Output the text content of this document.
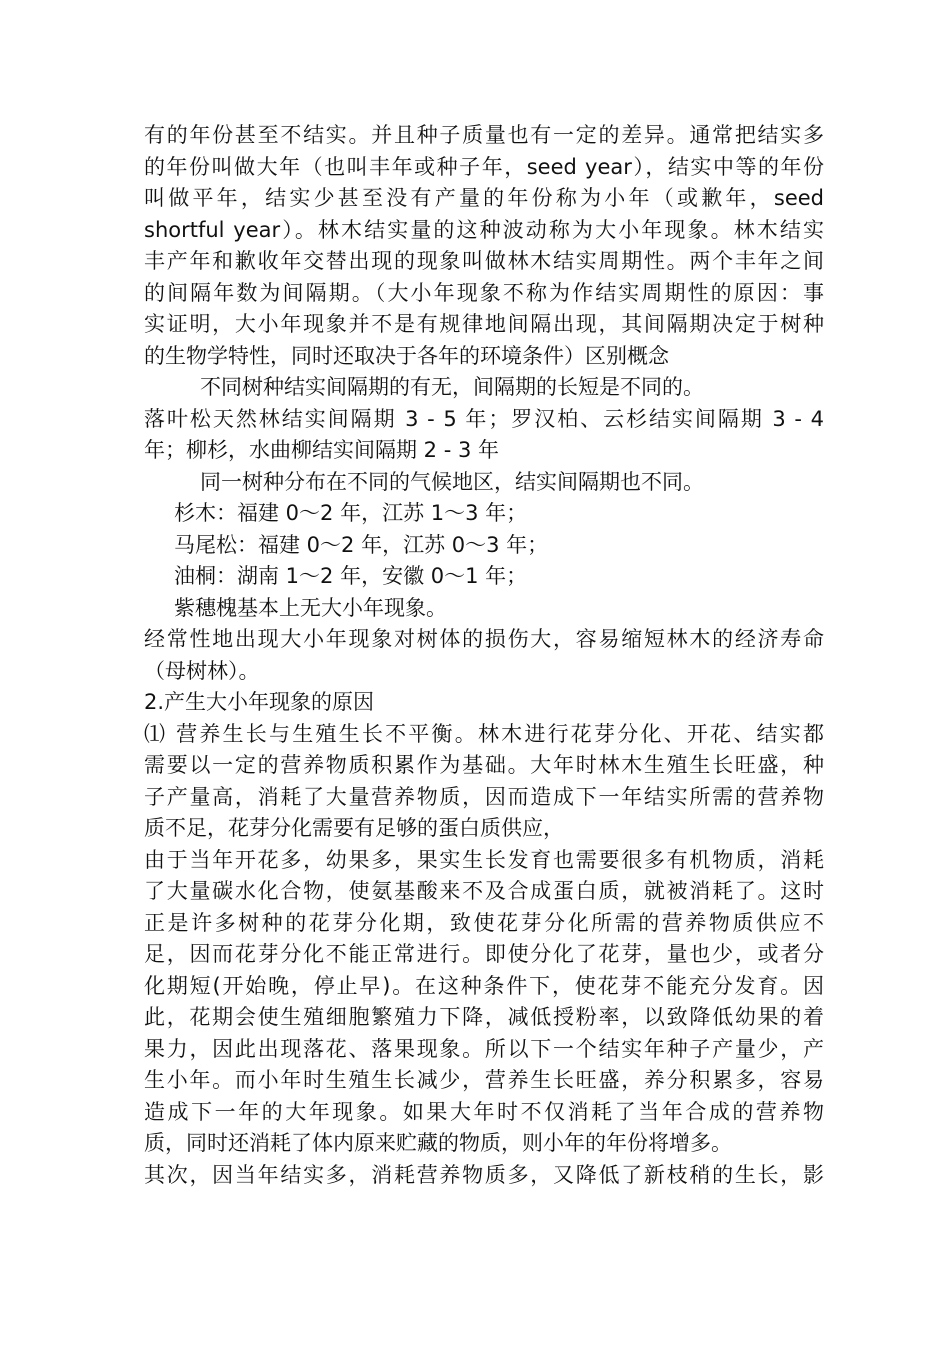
有的年份甚至不结实。并且种子质量也有一定的差异。通常把结实多
的年份叫做大年（也叫丰年或种子年，seed year），结实中等的年份
叫做平年，结实少甚至没有产量的年份称为小年（或歉年，seed
shortful year）。林木结实量的这种波动称为大小年现象。林木结实
丰产年和歉收年交替出现的现象叫做林木结实周期性。两个丰年之间
的间隔年数为间隔期。（大小年现象不称为作结实周期性的原因：事
实证明，大小年现象并不是有规律地间隔出现，其间隔期决定于树种
的生物学特性，同时还取决于各年的环境条件）区别概念
不同树种结实间隔期的有无，间隔期的长短是不同的。
落叶松天然林结实间隔期 3 - 5 年；罗汉柏、云杉结实间隔期 3 - 4
年；柳杉，水曲柳结实间隔期 2 - 3 年
同一树种分布在不同的气候地区，结实间隔期也不同。
杉木：福建 0～2 年，江苏 1～3 年；
马尾松：福建 0～2 年，江苏 0～3 年；
油桐：湖南 1～2 年，安徽 0～1 年；
紫穗槐基本上无大小年现象。
经常性地出现大小年现象对树体的损伤大，容易缩短林木的经济寿命
（母树林）。
2.产生大小年现象的原因
⑴ 营养生长与生殖生长不平衡。林木进行花芽分化、开花、结实都
需要以一定的营养物质积累作为基础。大年时林木生殖生长旺盛，种
子产量高，消耗了大量营养物质，因而造成下一年结实所需的营养物
质不足，花芽分化需要有足够的蛋白质供应，
由于当年开花多，幼果多，果实生长发育也需要很多有机物质，消耗
了大量碳水化合物，使氨基酸来不及合成蛋白质，就被消耗了。这时
正是许多树种的花芽分化期，致使花芽分化所需的营养物质供应不
足，因而花芽分化不能正常进行。即使分化了花芽，量也少，或者分
化期短(开始晚，停止早)。在这种条件下，使花芽不能充分发育。因
此，花期会使生殖细胞繁殖力下降，减低授粉率，以致降低幼果的着
果力，因此出现落花、落果现象。所以下一个结实年种子产量少，产
生小年。而小年时生殖生长减少，营养生长旺盛，养分积累多，容易
造成下一年的大年现象。如果大年时不仅消耗了当年合成的营养物
质，同时还消耗了体内原来贮藏的物质，则小年的年份将增多。
其次，因当年结实多，消耗营养物质多，又降低了新枝稍的生长，影
